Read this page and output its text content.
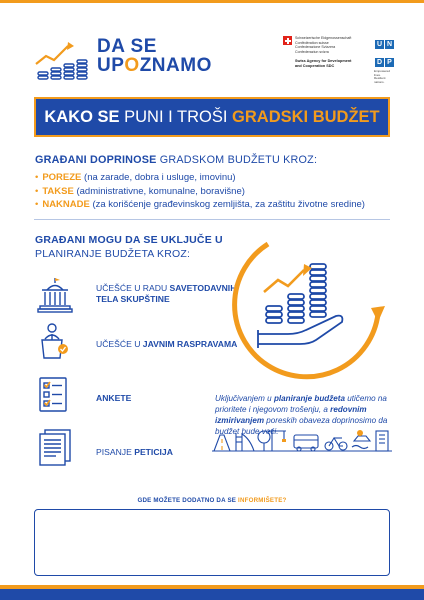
DA SE
UPOZNAMO
Schweizerische Eidgenossenschaft
Confédération suisse
Confederazione Svizzera
Confederaziun svizra
Swiss Agency for Development
and Cooperation SDC
U N
D P
Empowered lives.
Resilient nations.
KAKO SE PUNI I TROŠI GRADSKI BUDŽET
GRAĐANI DOPRINOSE GRADSKOM BUDŽETU KROZ:
• POREZE (na zarade, dobra i usluge, imovinu)
• TAKSE (administrativne, komunalne, boravišne)
• NAKNADE (za korišćenje građevinskog zemljišta, za zaštitu životne sredine)
GRAĐANI MOGU DA SE UKLJUČE U
PLANIRANJE BUDŽETA KROZ:
UČEŠĆE U RADU SAVETODAVNIH
TELA SKUPŠTINE
UČEŠĆE U JAVNIM RASPRAVAMA
ANKETE
PISANJE PETICIJA
Uključivanjem u planiranje budžeta utičemo na prioritete i njegovom trošenju, a redovnim izmirivanjem poreskih obaveza doprinosimo da budžet bude veći.
GDE MOŽETE DODATNO DA SE INFORMIŠETE?
